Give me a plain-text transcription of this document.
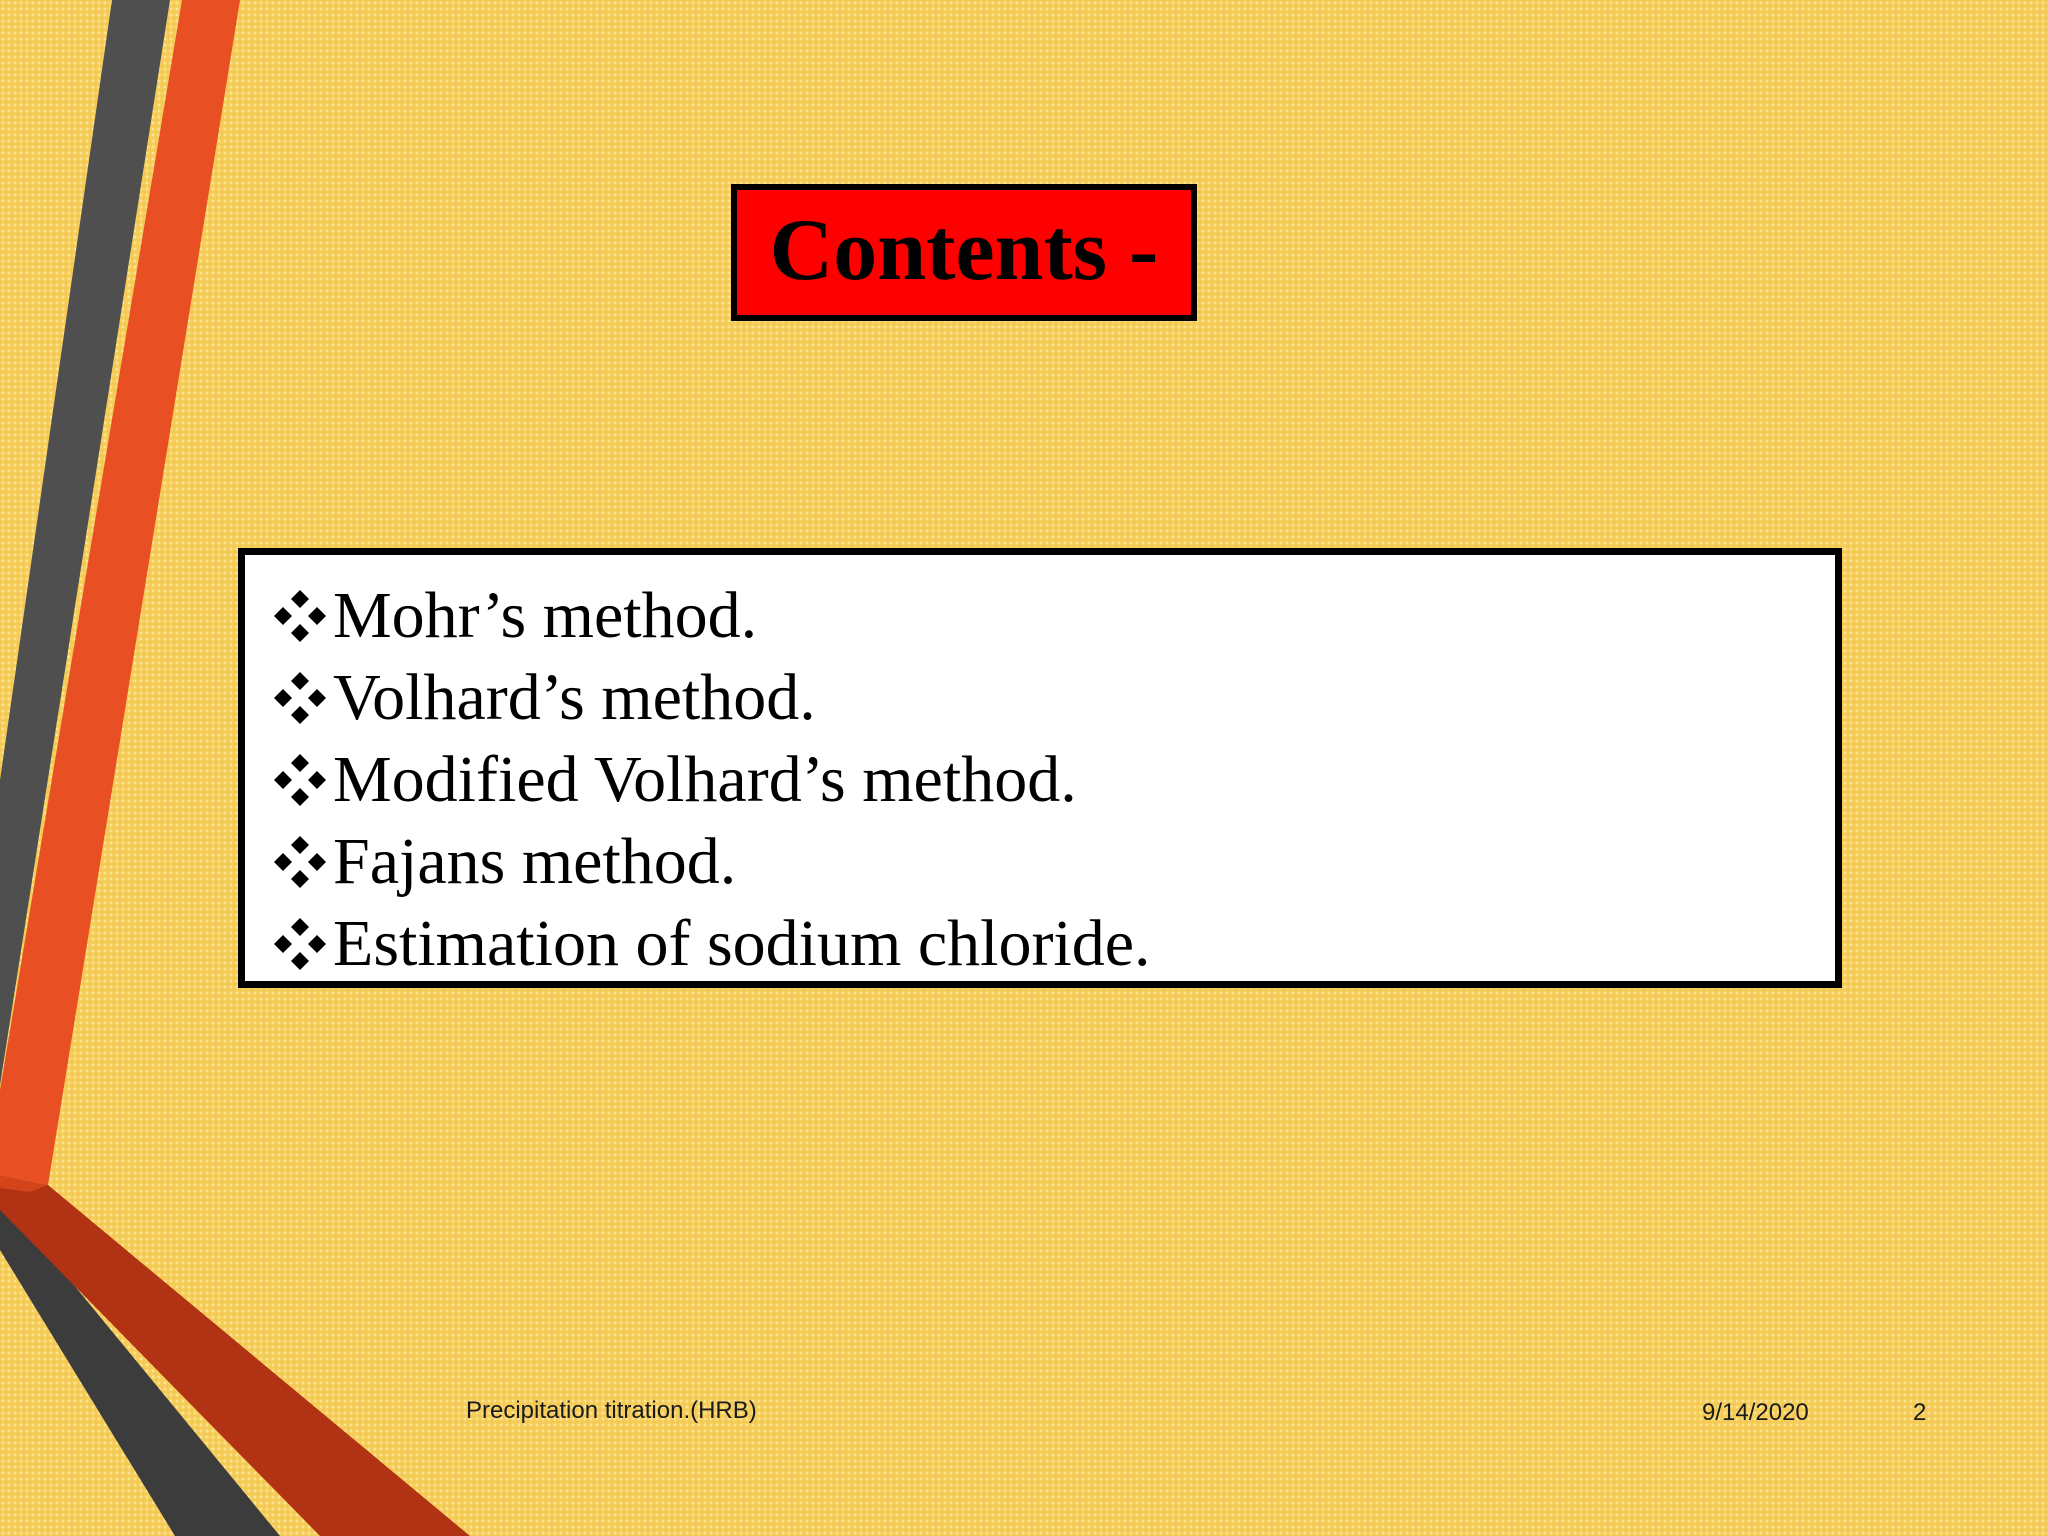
Contents -
Mohr’s method.
Volhard’s method.
Modified Volhard’s method.
Fajans method.
Estimation of sodium chloride.
Precipitation titration.(HRB)	9/14/2020	2
